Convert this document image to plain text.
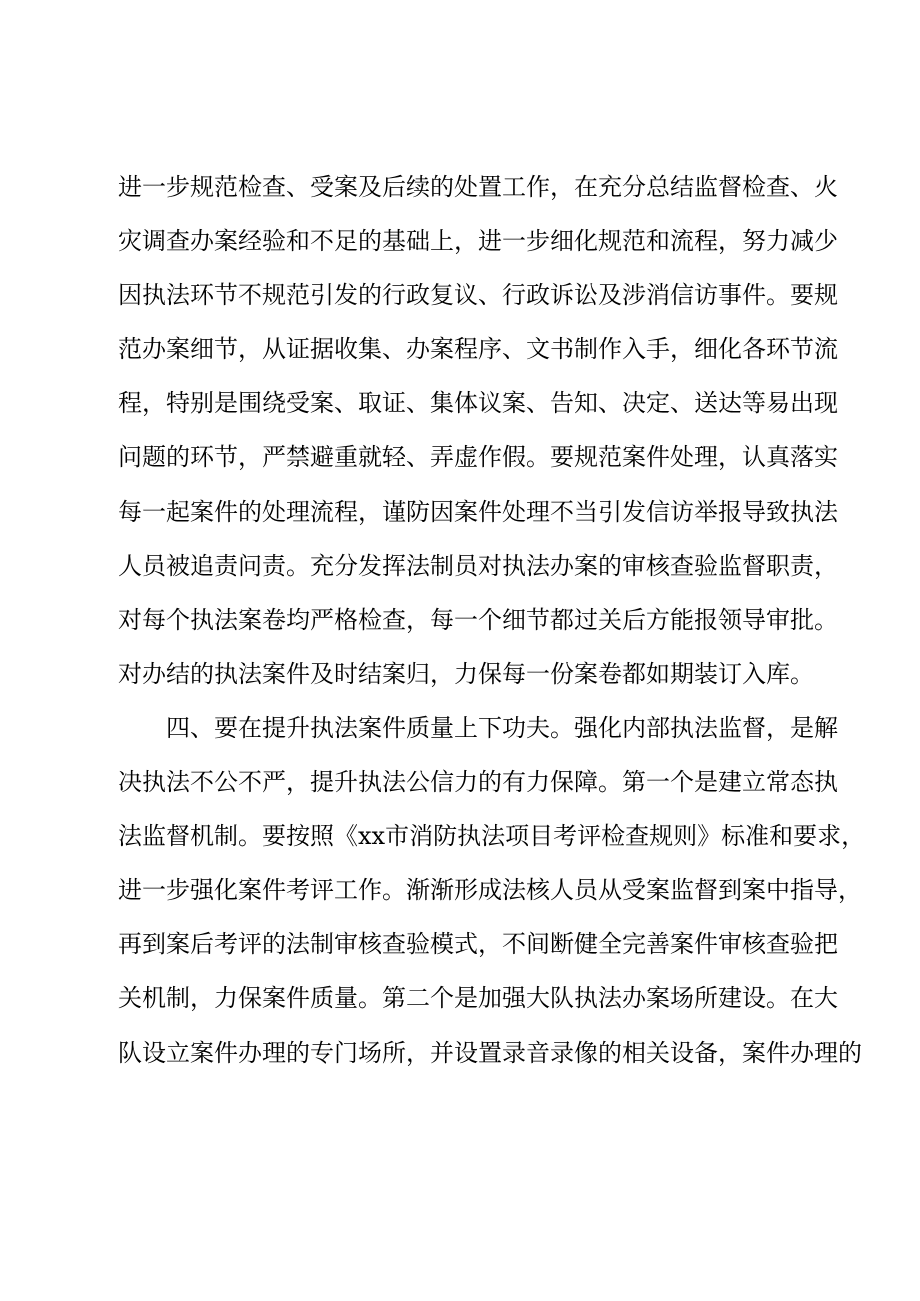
进一步规范检查、受案及后续的处置工作，在充分总结监督检查、火
灾调查办案经验和不足的基础上，进一步细化规范和流程，努力减少
因执法环节不规范引发的行政复议、行政诉讼及涉消信访事件。要规
范办案细节，从证据收集、办案程序、文书制作入手，细化各环节流
程，特别是围绕受案、取证、集体议案、告知、决定、送达等易出现
问题的环节，严禁避重就轻、弄虚作假。要规范案件处理，认真落实
每一起案件的处理流程，谨防因案件处理不当引发信访举报导致执法
人员被追责问责。充分发挥法制员对执法办案的审核查验监督职责，
对每个执法案卷均严格检查，每一个细节都过关后方能报领导审批。
对办结的执法案件及时结案归，力保每一份案卷都如期装订入库。
四、要在提升执法案件质量上下功夫。强化内部执法监督，是解
决执法不公不严，提升执法公信力的有力保障。第一个是建立常态执
法监督机制。要按照《xx市消防执法项目考评检查规则》标准和要求，
进一步强化案件考评工作。渐渐形成法核人员从受案监督到案中指导，
再到案后考评的法制审核查验模式，不间断健全完善案件审核查验把
关机制，力保案件质量。第二个是加强大队执法办案场所建设。在大
队设立案件办理的专门场所，并设置录音录像的相关设备，案件办理的
